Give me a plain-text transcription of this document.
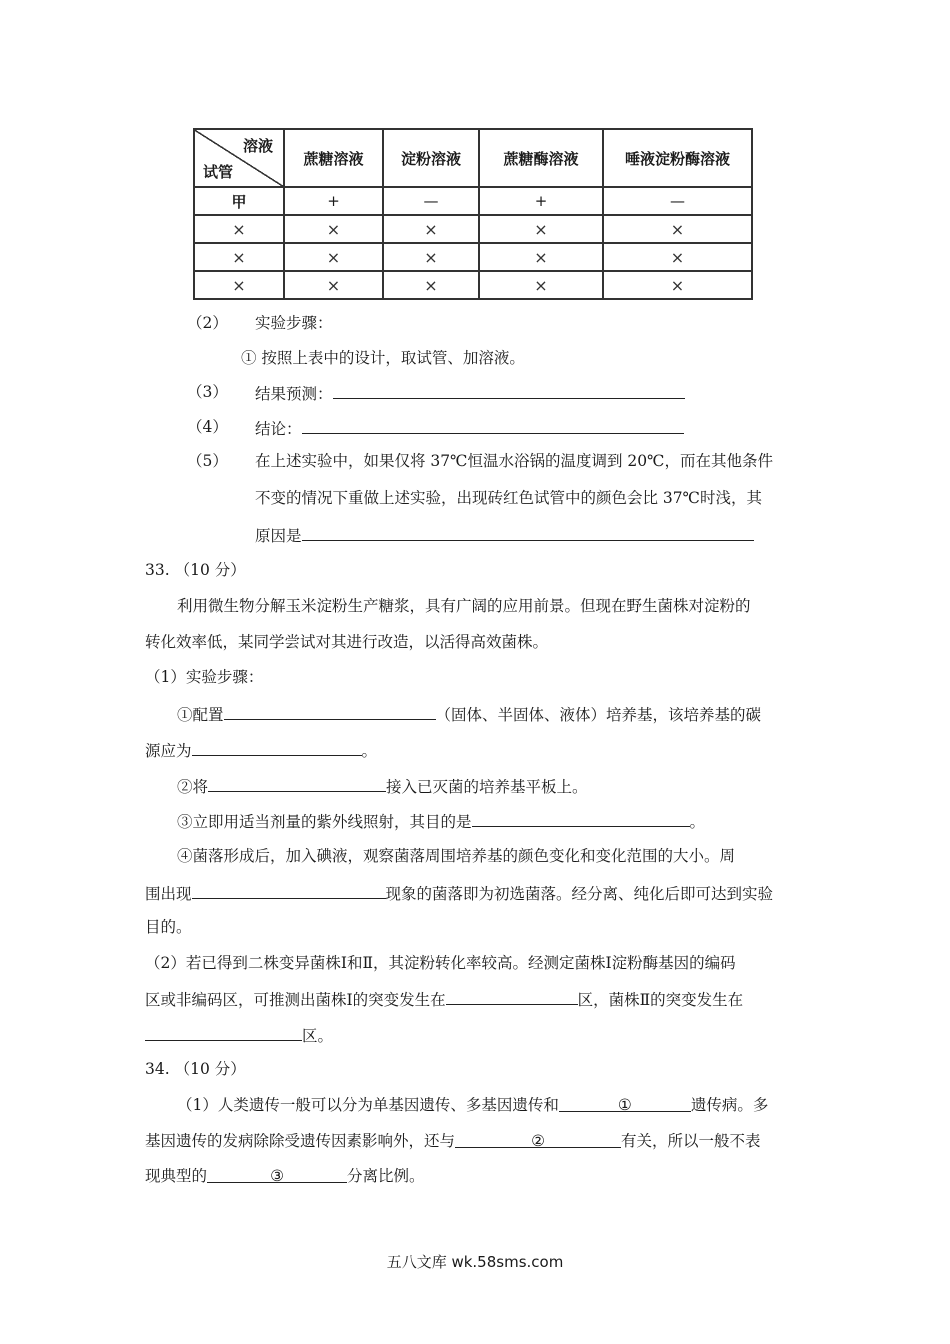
溶液
试管	蔗糖溶液	淀粉溶液	蔗糖酶溶液	唾液淀粉酶溶液
甲	+	—	+	—
×	×	×	×	×
×	×	×	×	×
×	×	×	×	×
（2） 实验步骤：
① 按照上表中的设计，取试管、加溶液。
（3） 结果预测：
（4） 结论：
（5） 在上述实验中，如果仅将 37℃恒温水浴锅的温度调到 20℃，而在其他条件
不变的情况下重做上述实验，出现砖红色试管中的颜色会比 37℃时浅，其
原因是
33. （10 分）
利用微生物分解玉米淀粉生产糖浆，具有广阔的应用前景。但现在野生菌株对淀粉的
转化效率低，某同学尝试对其进行改造，以活得高效菌株。
（1）实验步骤：
①配置	（固体、半固体、液体）培养基，该培养基的碳
源应为	。
②将	接入已灭菌的培养基平板上。
③立即用适当剂量的紫外线照射，其目的是	。
④菌落形成后，加入碘液，观察菌落周围培养基的颜色变化和变化范围的大小。周
围出现	现象的菌落即为初选菌落。经分离、纯化后即可达到实验
目的。
（2）若已得到二株变异菌株Ⅰ和Ⅱ，其淀粉转化率较高。经测定菌株Ⅰ淀粉酶基因的编码
区或非编码区，可推测出菌株Ⅰ的突变发生在	区，菌株Ⅱ的突变发生在
区。
34. （10 分）
（1）人类遗传一般可以分为单基因遗传、多基因遗传和	①	遗传病。多
基因遗传的发病除除受遗传因素影响外，还与	②	有关，所以一般不表
现典型的	③	分离比例。
五八文库 wk.58sms.com
